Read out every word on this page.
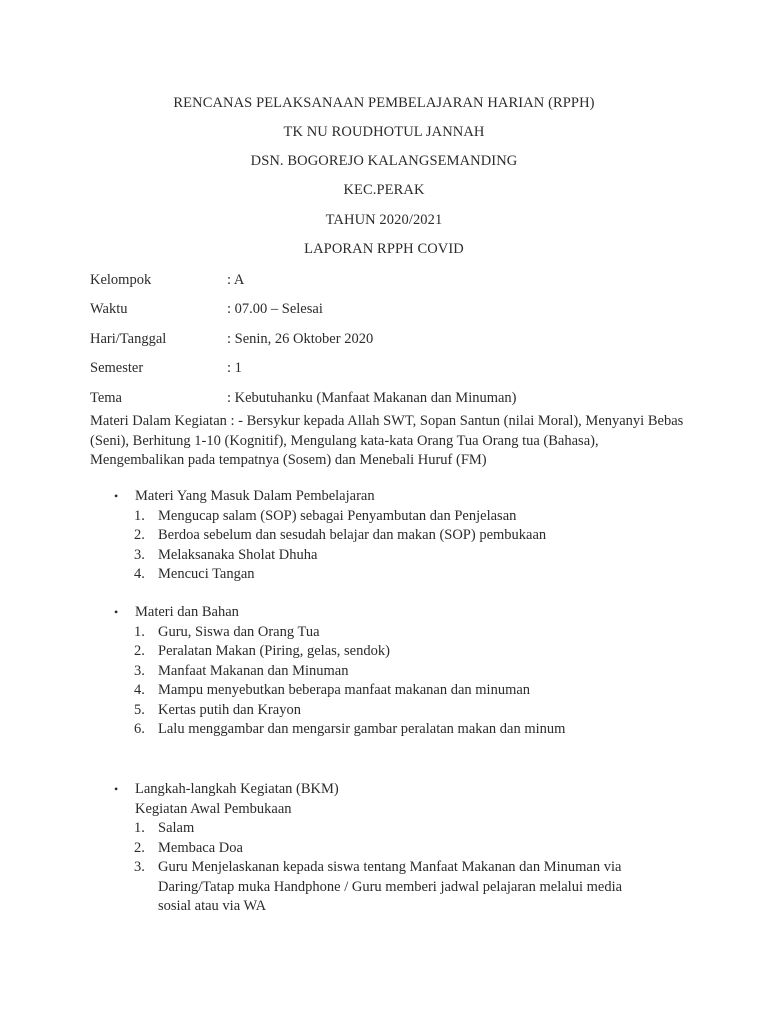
RENCANAS PELAKSANAAN PEMBELAJARAN HARIAN (RPPH)
TK NU ROUDHOTUL JANNAH
DSN. BOGOREJO KALANGSEMANDING
KEC.PERAK
TAHUN 2020/2021
LAPORAN RPPH COVID
Kelompok	: A
Waktu	: 07.00 – Selesai
Hari/Tanggal	: Senin, 26 Oktober 2020
Semester	: 1
Tema	: Kebutuhanku (Manfaat Makanan dan Minuman)
Materi Dalam Kegiatan : - Bersykur kepada Allah SWT, Sopan Santun (nilai Moral), Menyanyi Bebas (Seni), Berhitung 1-10 (Kognitif), Mengulang kata-kata Orang Tua Orang tua (Bahasa), Mengembalikan pada tempatnya (Sosem) dan Menebali Huruf (FM)
• Materi Yang Masuk Dalam Pembelajaran
1. Mengucap salam (SOP) sebagai Penyambutan dan Penjelasan
2. Berdoa sebelum dan sesudah belajar dan makan (SOP) pembukaan
3. Melaksanaka Sholat Dhuha
4. Mencuci Tangan
• Materi dan Bahan
1. Guru, Siswa dan Orang Tua
2. Peralatan Makan (Piring, gelas, sendok)
3. Manfaat Makanan dan Minuman
4. Mampu menyebutkan beberapa manfaat makanan dan minuman
5. Kertas putih dan Krayon
6. Lalu menggambar dan mengarsir gambar peralatan makan dan minum
• Langkah-langkah Kegiatan (BKM)
Kegiatan Awal Pembukaan
1. Salam
2. Membaca Doa
3. Guru Menjelaskanan kepada siswa tentang Manfaat Makanan dan Minuman via Daring/Tatap muka Handphone / Guru memberi jadwal pelajaran melalui media sosial atau via WA
